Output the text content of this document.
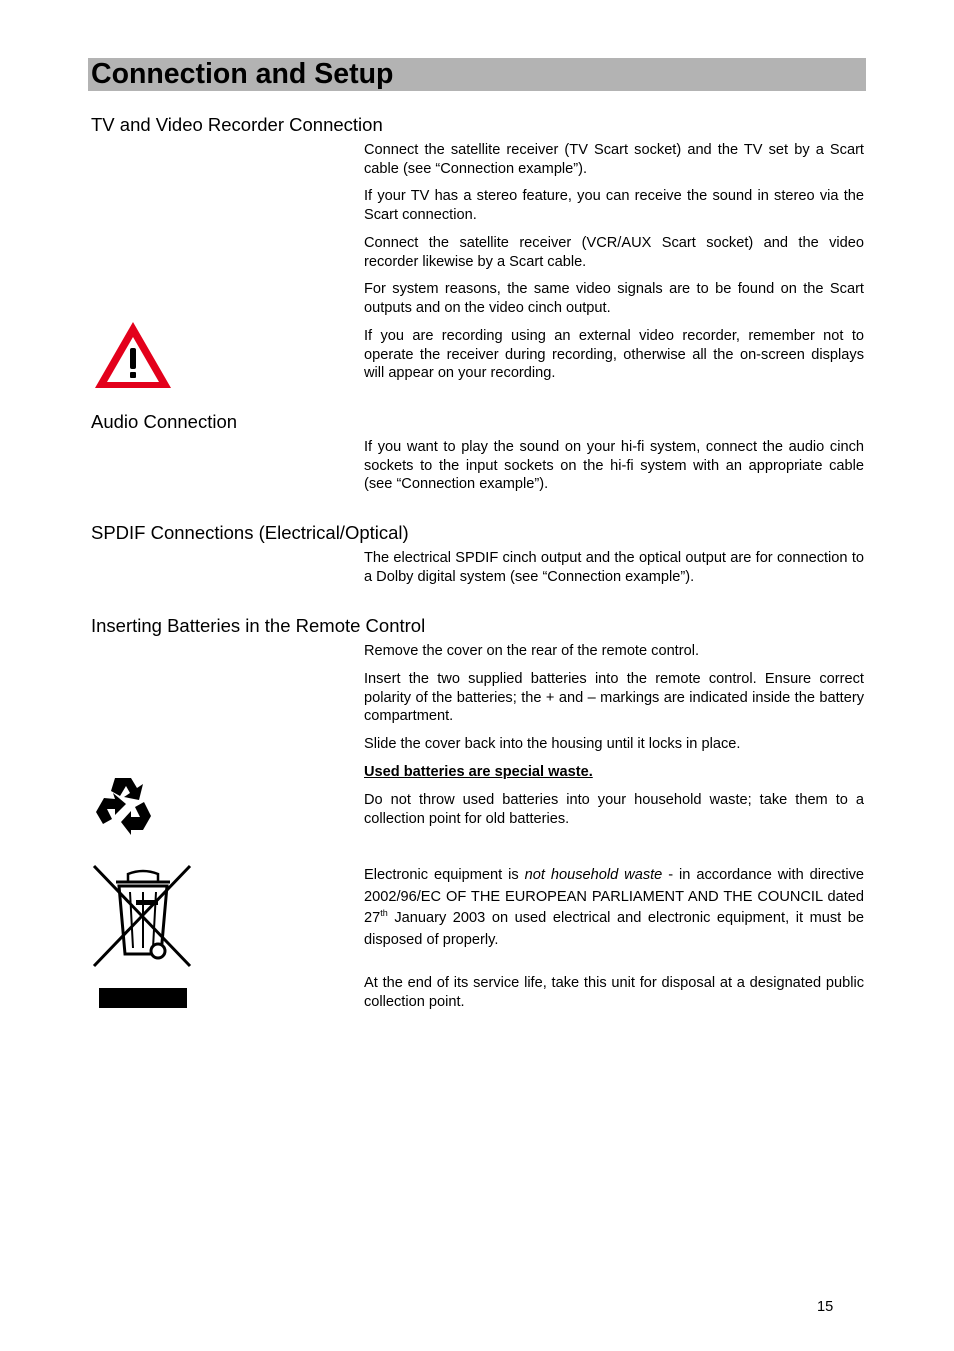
Connection and Setup
TV and Video Recorder Connection
Connect the satellite receiver (TV Scart socket) and the TV set by a Scart cable (see “Connection example”).
If your TV has a stereo feature, you can receive the sound in stereo via the Scart connection.
Connect the satellite receiver (VCR/AUX Scart socket) and the video recorder likewise by a Scart cable.
For system reasons, the same video signals are to be found on the Scart outputs and on the video cinch output.
If you are recording using an external video recorder, remember not to operate the receiver during recording, otherwise all the on-screen displays will appear on your recording.
Audio Connection
If you want to play the sound on your hi-fi system, connect the audio cinch sockets to the input sockets on the hi-fi system with an appropriate cable (see “Connection example”).
SPDIF Connections (Electrical/Optical)
The electrical SPDIF cinch output and the optical output are for connection to a Dolby digital system (see “Connection example”).
Inserting Batteries in the Remote Control
Remove the cover on the rear of the remote control.
Insert the two supplied batteries into the remote control. Ensure correct polarity of the batteries; the + and – markings are indicated inside the battery compartment.
Slide the cover back into the housing until it locks in place.
Used batteries are special waste.
Do not throw used batteries into your household waste; take them to a collection point for old batteries.
Electronic equipment is not household waste - in accordance with directive 2002/96/EC OF THE EUROPEAN PARLIAMENT AND THE COUNCIL dated 27th January 2003 on used electrical and electronic equipment, it must be disposed of properly.
At the end of its service life, take this unit for disposal at a designated public collection point.
15
